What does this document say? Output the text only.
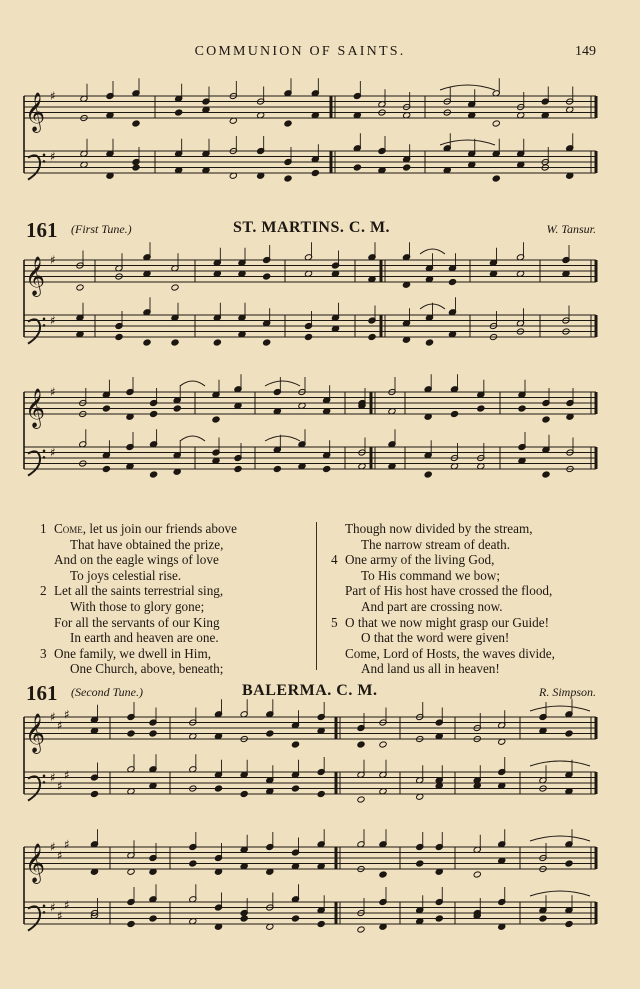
COMMUNION OF SAINTS.	149
𝄞 ♯
♯
161 (First Tune.)	ST. MARTINS. C. M.	W. Tansur.
𝄞 ♯
♯
𝄞 ♯
♯
1 Come, let us join our friends above
That have obtained the prize,
And on the eagle wings of love
To joys celestial rise.
2 Let all the saints terrestrial sing,
With those to glory gone;
For all the servants of our King
In earth and heaven are one.
3 One family, we dwell in Him,
One Church, above, beneath;
Though now divided by the stream,
The narrow stream of death.
4 One army of the living God,
To His command we bow;
Part of His host have crossed the flood,
And part are crossing now.
5 O that we now might grasp our Guide!
O that the word were given!
Come, Lord of Hosts, the waves divide,
And land us all in heaven!
161 (Second Tune.)	BALERMA. C. M.	R. Simpson.
𝄞 ♯
♯
♯
♯
♯
♯
𝄞 ♯
♯
♯
♯
♯
♯
